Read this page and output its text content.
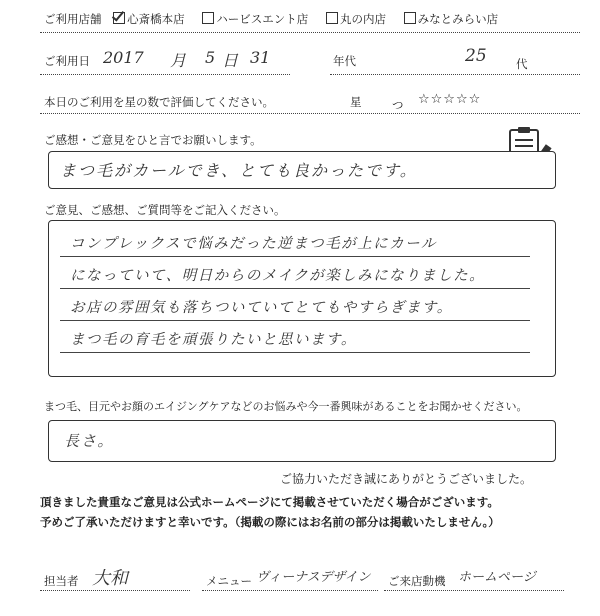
ご利用店舗 心斎橋本店	ハービスエント店	丸の内店	みなとみらい店
ご利用日 2017 月 5 日 31	年代	25	代
本日のご利用を星の数で評価してください。	星	つ ☆☆☆☆☆
ご感想・ご意見をひと言でお願いします。
まつ毛がカールでき、とても良かったです。
ご意見、ご感想、ご質問等をご記入ください。
コンプレックスで悩みだった逆まつ毛が上にカール
になっていて、明日からのメイクが楽しみになりました。
お店の雰囲気も落ちついていてとてもやすらぎます。
まつ毛の育毛を頑張りたいと思います。
まつ毛、目元やお顔のエイジングケアなどのお悩みや今一番興味があることをお聞かせください。
長さ。
ご協力いただき誠にありがとうございました。
頂きました貴重なご意見は公式ホームページにて掲載させていただく場合がございます。
予めご了承いただけますと幸いです。（掲載の際にはお名前の部分は掲載いたしません。）
担当者 大和	メニュー ヴィーナスデザイン ご来店動機 ホームページ
